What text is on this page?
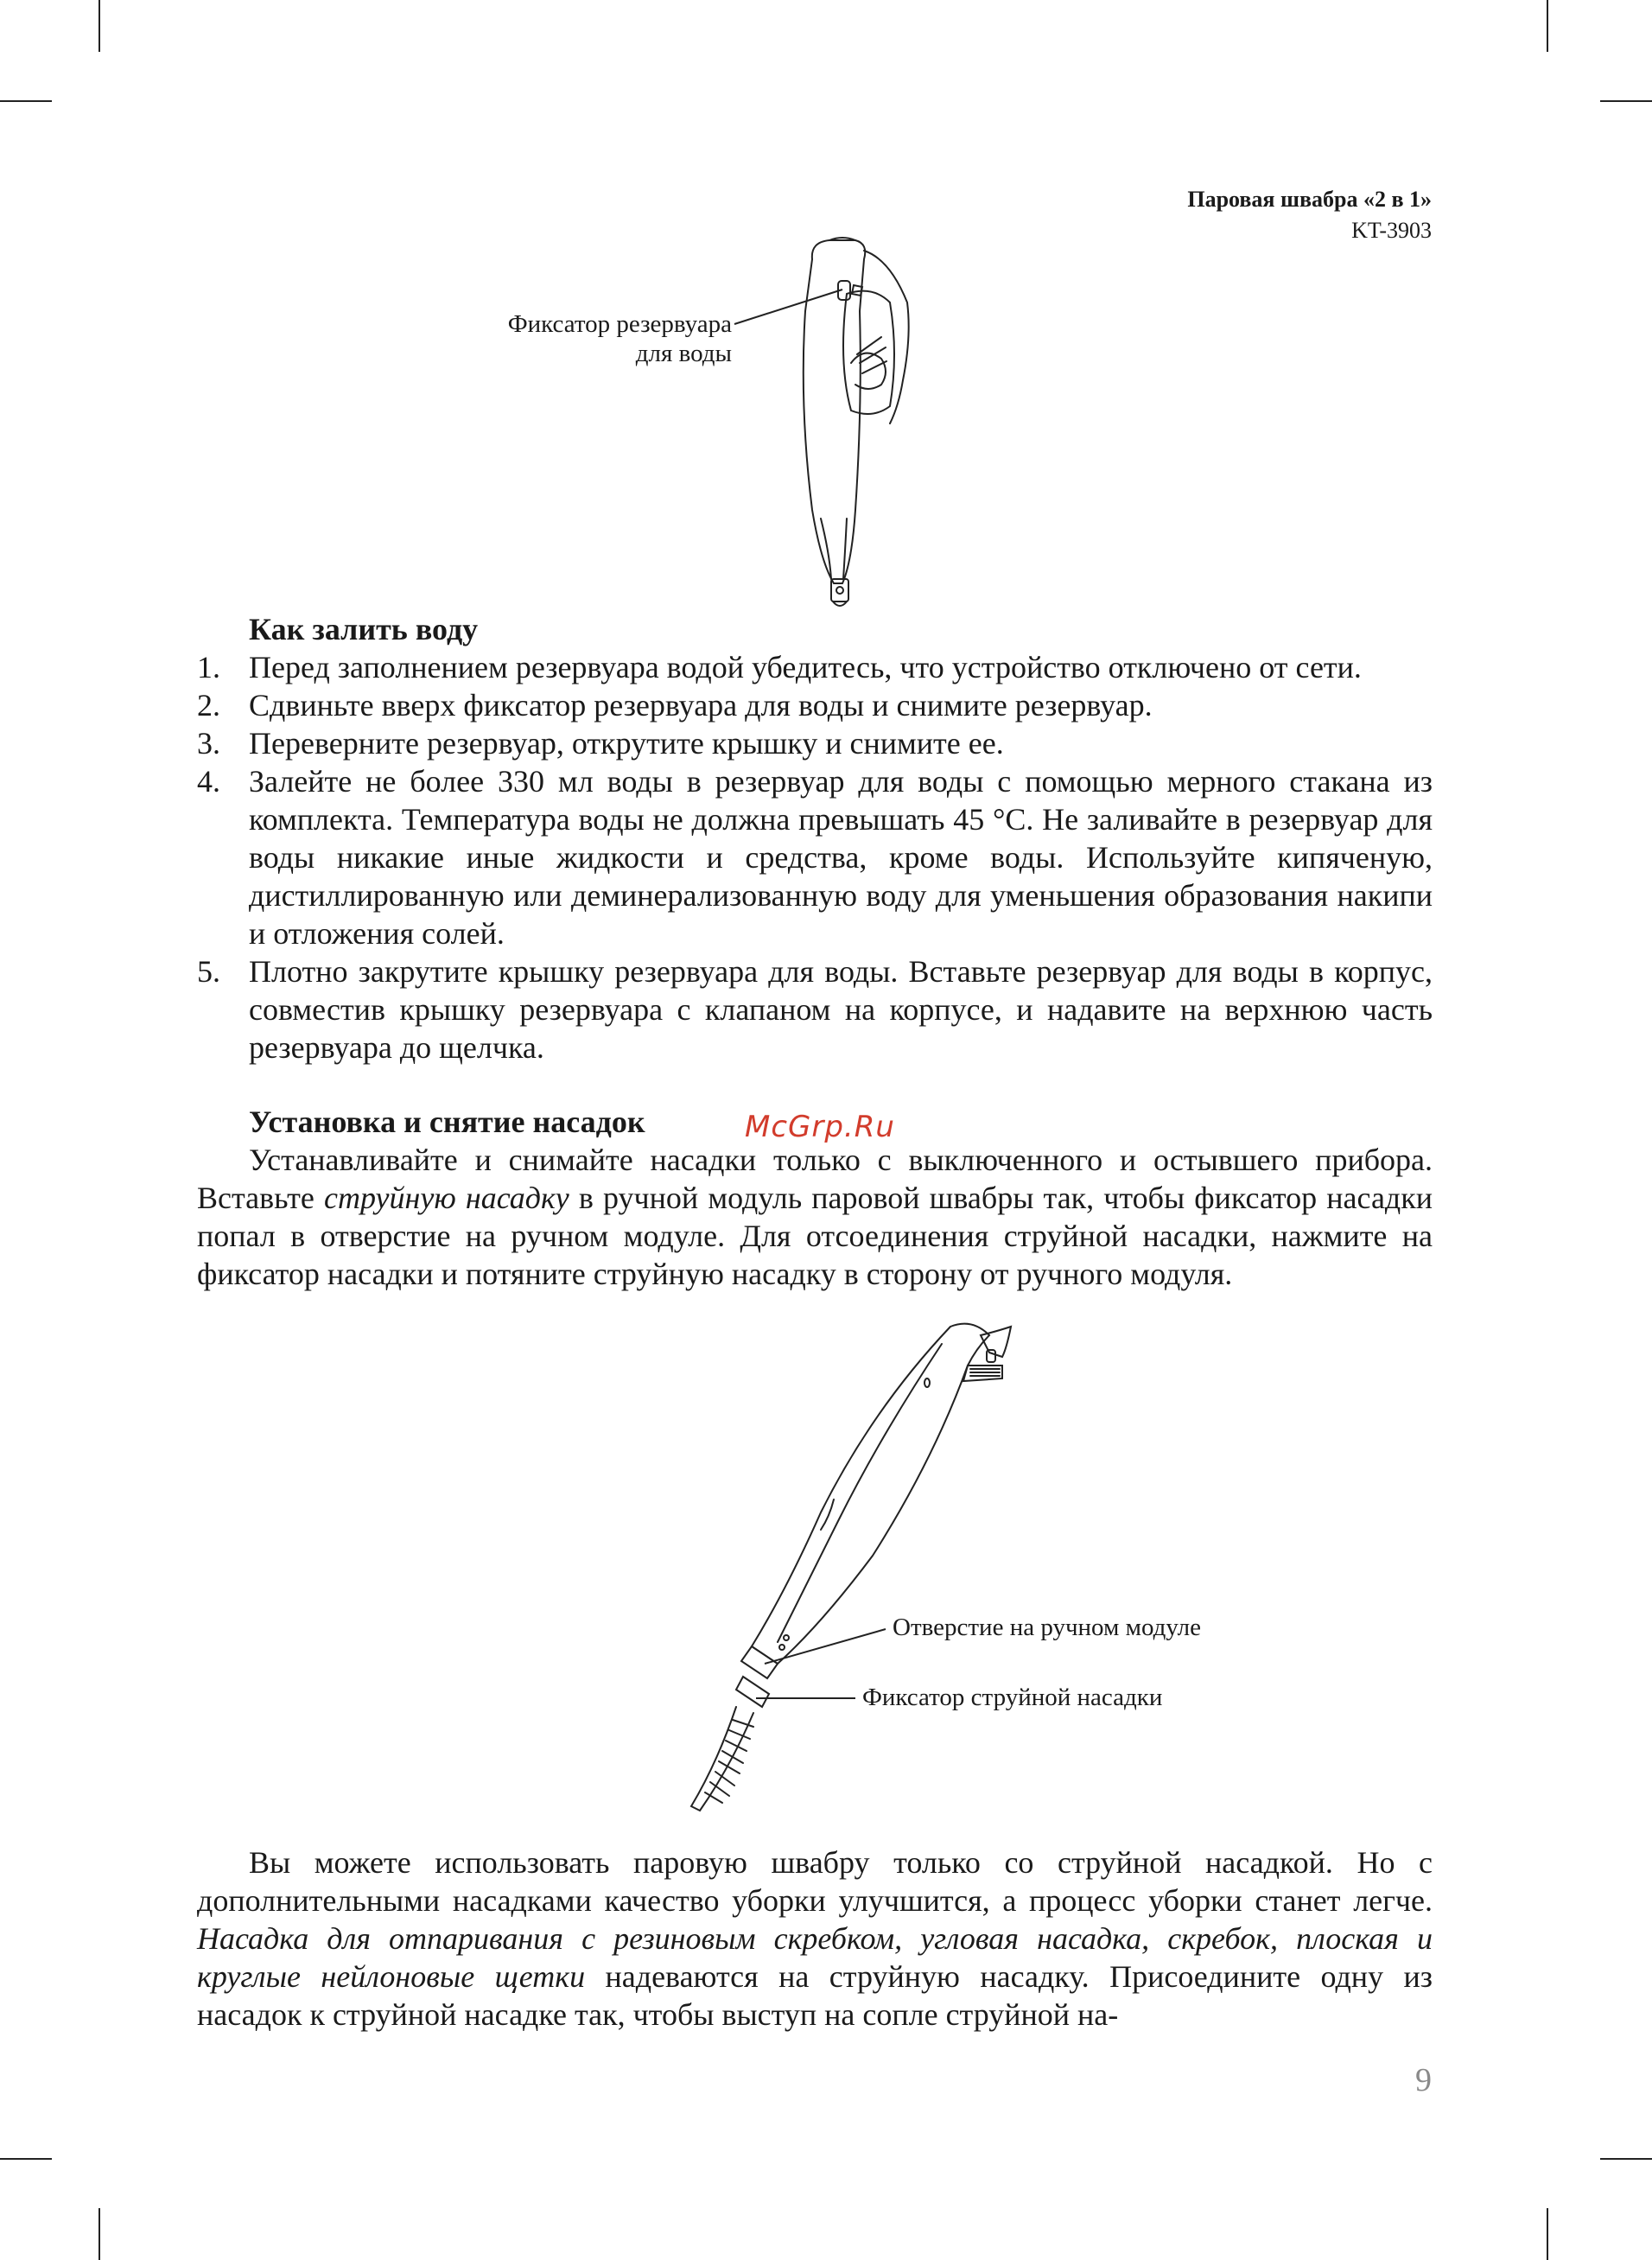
Паровая швабра «2 в 1»
KT-3903
Фиксатор резервуара
для воды
Как залить воду
1. Перед заполнением резервуара водой убедитесь, что устройство отключено от сети.
2. Сдвиньте вверх фиксатор резервуара для воды и снимите резервуар.
3. Переверните резервуар, открутите крышку и снимите ее.
4. Залейте не более 330 мл воды в резервуар для воды с помощью мерного стакана из комплекта. Температура воды не должна превышать 45 °С. Не заливайте в резервуар для воды никакие иные жидкости и средства, кроме воды. Используйте кипяченую, дистиллированную или деминерализованную воду для уменьшения образования накипи и отложения солей.
5. Плотно закрутите крышку резервуара для воды. Вставьте резервуар для воды в корпус, совместив крышку резервуара с клапаном на корпусе, и надавите на верхнюю часть резервуара до щелчка.
McGrp.Ru
Установка и снятие насадок

Устанавливайте и снимайте насадки только с выключенного и остывшего прибора. Вставьте струйную насадку в ручной модуль паровой швабры так, чтобы фиксатор насадки попал в отверстие на ручном модуле. Для отсоединения струйной насадки, нажмите на фиксатор насадки и потяните струйную насадку в сторону от ручного модуля.

Отверстие на ручном модуле
Фиксатор струйной насадки

Вы можете использовать паровую швабру только со струйной насадкой. Но с дополнительными насадками качество уборки улучшится, а процесс уборки станет легче. Насадка для отпаривания с резиновым скребком, угловая насадка, скребок, плоская и круглые нейлоновые щетки надеваются на струйную насадку. Присоедините одну из насадок к струйной насадке так, чтобы выступ на сопле струйной на-

9
